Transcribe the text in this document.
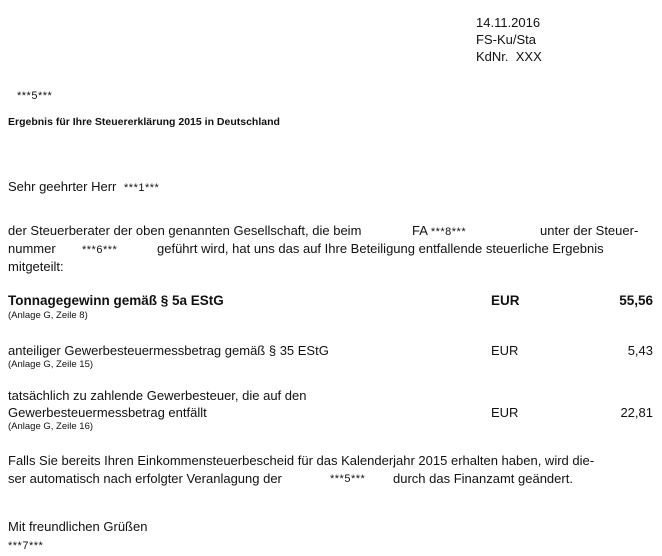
14.11.2016
FS-Ku/Sta
KdNr. XXX
***5***
Ergebnis für Ihre Steuererklärung 2015 in Deutschland
Sehr geehrter Herr ***1***
der Steuerberater der oben genannten Gesellschaft, die beim	FA ***8***	unter der Steuer-
nummer ***6***	geführt wird, hat uns das auf Ihre Beteiligung entfallende steuerliche Ergebnis
mitgeteilt:
Tonnagegewinn gemäß § 5a EStG
(Anlage G, Zeile 8)
EUR	55,56
anteiliger Gewerbesteuermessbetrag gemäß § 35 EStG
(Anlage G, Zeile 15)
EUR	5,43
tatsächlich zu zahlende Gewerbesteuer, die auf den
Gewerbesteuermessbetrag entfällt
(Anlage G, Zeile 16)
EUR	22,81
Falls Sie bereits Ihren Einkommensteuerbescheid für das Kalenderjahr 2015 erhalten haben, wird die-
ser automatisch nach erfolgter Veranlagung der	***5*** durch das Finanzamt geändert.
Mit freundlichen Grüßen
***7***
